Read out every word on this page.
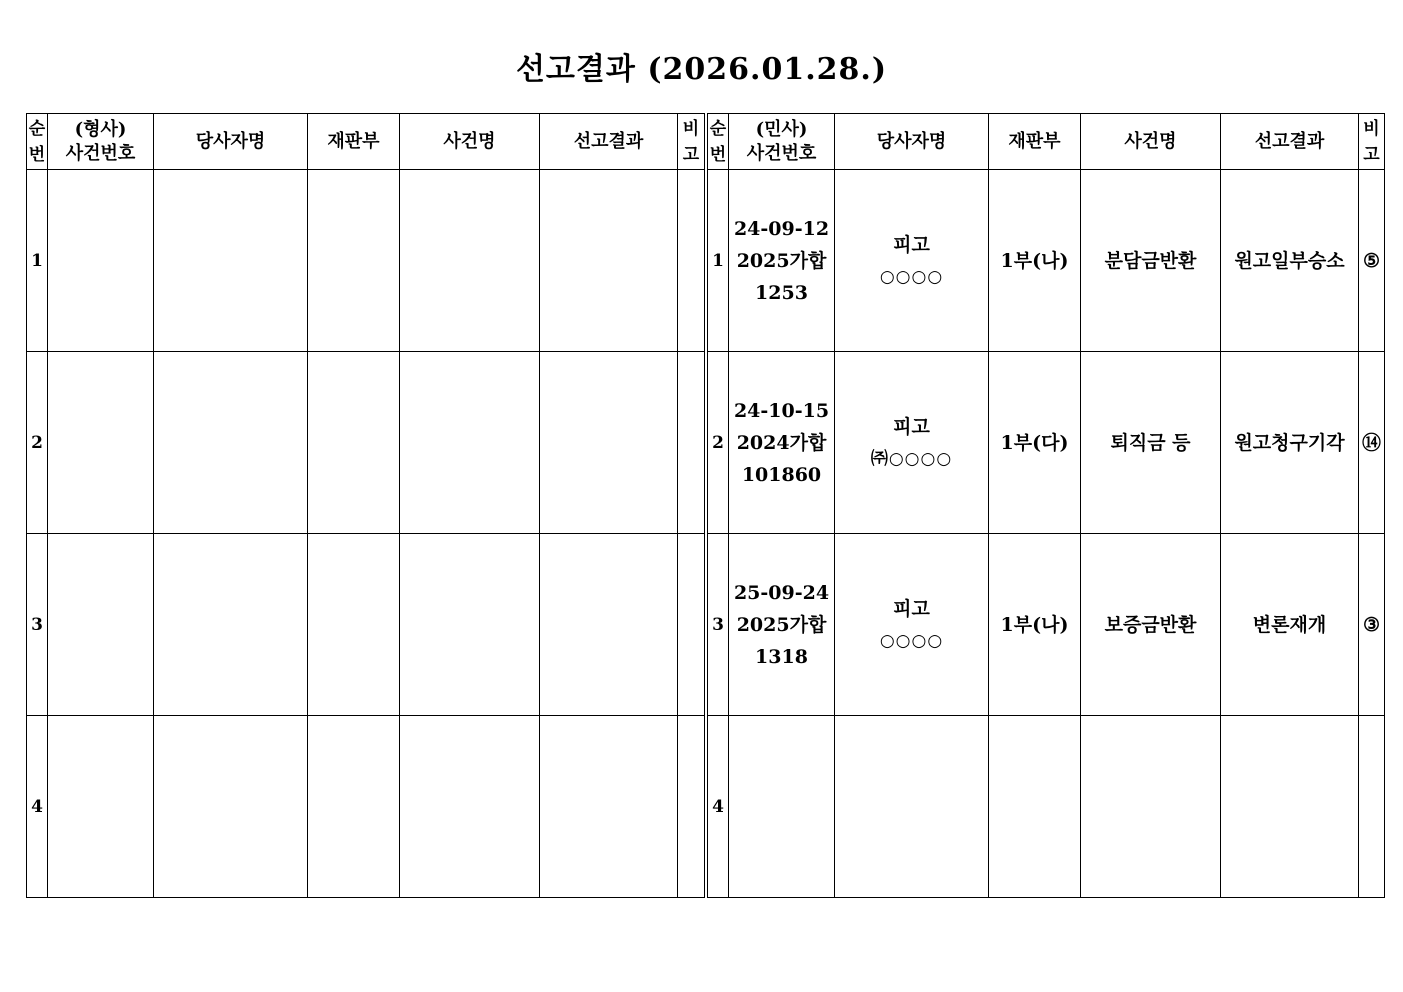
선고결과 (2026.01.28.)
순
번	(형사)
사건번호	당사자명	재판부	사건명	선고결과	비
고

1						
2						
3						
4						
순
번	(민사)
사건번호	당사자명	재판부	사건명	선고결과	비
고

1	24-09-12
2025가합
1253	피고
○○○○	1부(나)	분담금반환	원고일부승소	⑤
2	24-10-15
2024가합
101860	피고
㈜○○○○	1부(다)	퇴직금 등	원고청구기각	⑭
3	25-09-24
2025가합
1318	피고
○○○○	1부(나)	보증금반환	변론재개	③
4						
